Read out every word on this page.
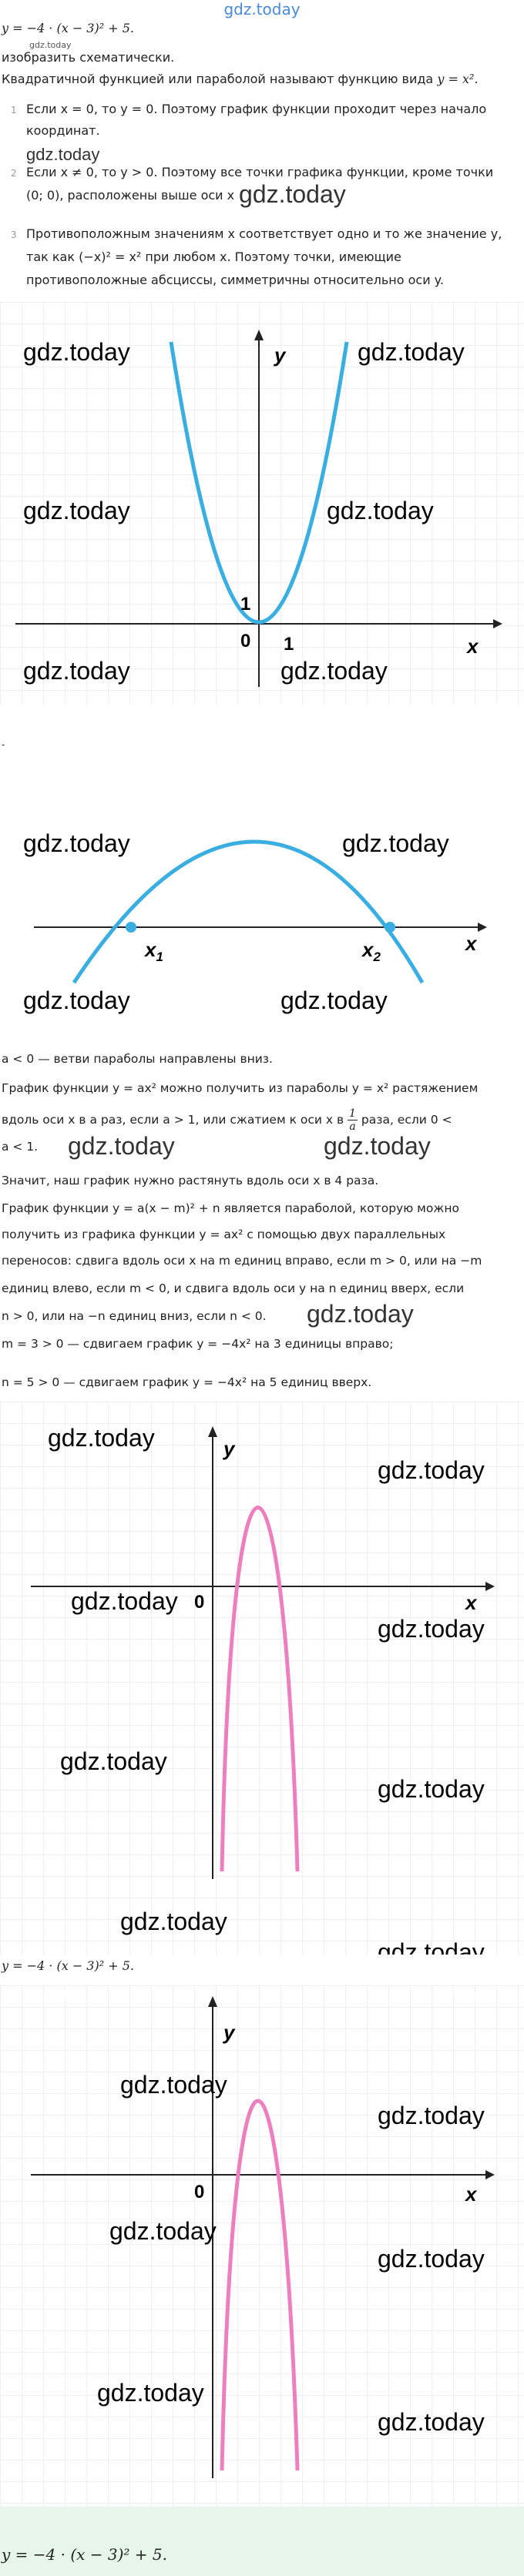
gdz.today
y = −4 · (x − 3)² + 5.
gdz.today
изобразить схематически.
Квадратичной функцией или параболой называют функцию вида y = x².
1 Если x = 0, то y = 0. Поэтому график функции проходит через начало
координат.
gdz.today
2 Если x ≠ 0, то y > 0. Поэтому все точки графика функции, кроме точки
(0; 0), расположены выше оси x gdz.today
3 Противоположным значениям x соответствует одно и то же значение y,
так как (−x)² = x² при любом x. Поэтому точки, имеющие
противоположные абсциссы, симметричны относительно оси y.
y
x
0 1
1
gdz.today	gdz.today
gdz.today	gdz.today
gdz.today	gdz.today
-
$x_1$	$x_2$
x
gdz.today	gdz.today
gdz.today	gdz.today
a < 0 — ветви параболы направлены вниз.
График функции y = ax² можно получить из параболы y = x² растяжением
вдоль оси x в a раз, если a > 1, или сжатием к оси x в $\frac{1}{a}$ раза, если 0 <
a < 1. gdz.today	gdz.today
Значит, наш график нужно растянуть вдоль оси x в 4 раза.
График функции y = a(x − m)² + n является параболой, которую можно
получить из графика функции y = ax² с помощью двух параллельных
переносов: сдвига вдоль оси x на m единиц вправо, если m > 0, или на −m
единиц влево, если m < 0, и сдвига вдоль оси y на n единиц вверх, если
n > 0, или на −n единиц вниз, если n < 0. gdz.today
m = 3 > 0 — сдвигаем график y = −4x² на 3 единицы вправо;
n = 5 > 0 — сдвигаем график y = −4x² на 5 единиц вверх.
y
x
0
gdz.today
gdz.today
gdz.today
gdz.today
gdz.today
gdz.today
gdz.today
gdz.today
y = −4 · (x − 3)² + 5.
y
x
0
gdz.today
gdz.today
gdz.today
gdz.today
gdz.today
gdz.today
gdz.today	gdz.today
y = −4 · (x − 3)² + 5.
